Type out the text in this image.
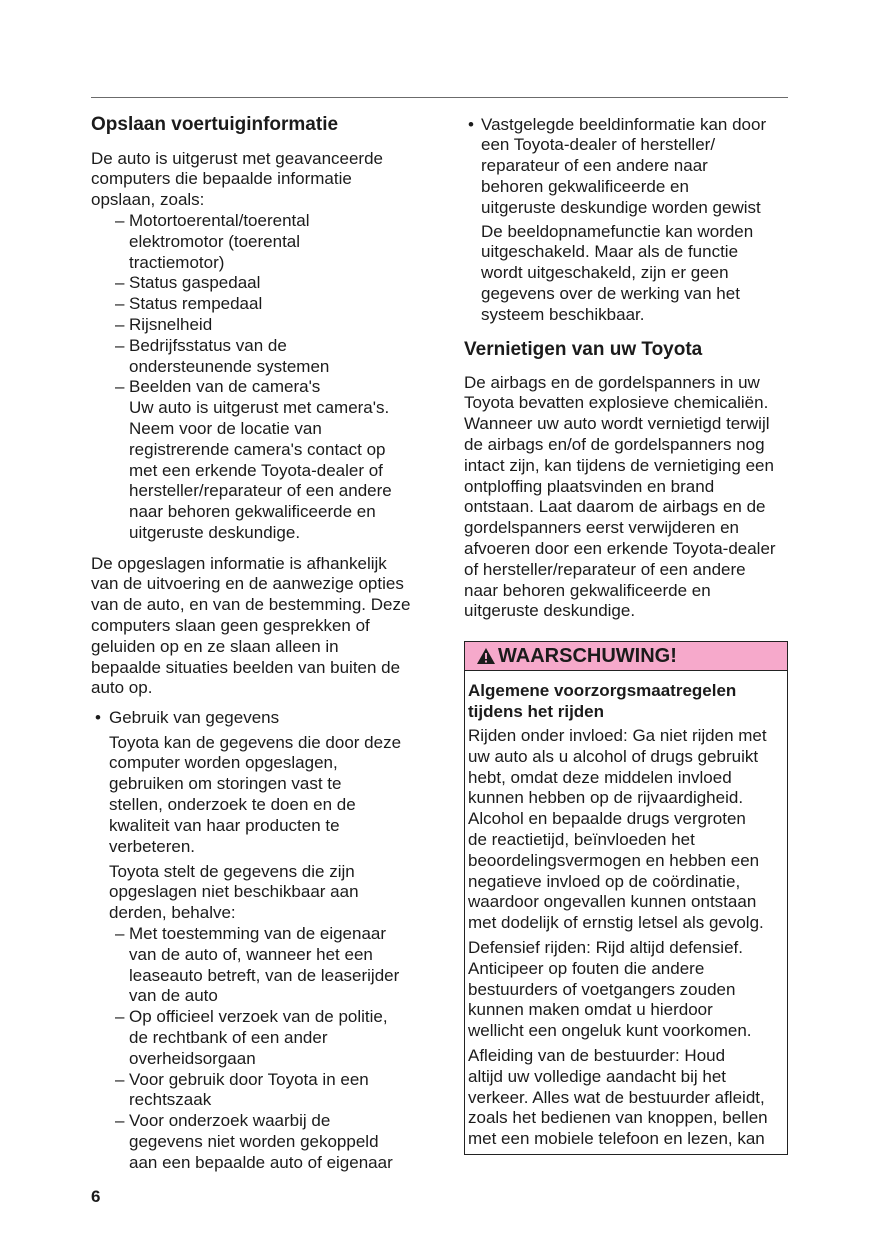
Opslaan voertuiginformatie
De auto is uitgerust met geavanceerde
computers die bepaalde informatie
opslaan, zoals:
– Motortoerental/toerental
elektromotor (toerental
tractiemotor)
– Status gaspedaal
– Status rempedaal
– Rijsnelheid
– Bedrijfsstatus van de
ondersteunende systemen
– Beelden van de camera's
Uw auto is uitgerust met camera's.
Neem voor de locatie van
registrerende camera's contact op
met een erkende Toyota-dealer of
hersteller/reparateur of een andere
naar behoren gekwalificeerde en
uitgeruste deskundige.
De opgeslagen informatie is afhankelijk
van de uitvoering en de aanwezige opties
van de auto, en van de bestemming. Deze
computers slaan geen gesprekken of
geluiden op en ze slaan alleen in
bepaalde situaties beelden van buiten de
auto op.
• Gebruik van gegevens
Toyota kan de gegevens die door deze
computer worden opgeslagen,
gebruiken om storingen vast te
stellen, onderzoek te doen en de
kwaliteit van haar producten te
verbeteren.
Toyota stelt de gegevens die zijn
opgeslagen niet beschikbaar aan
derden, behalve:
– Met toestemming van de eigenaar
van de auto of, wanneer het een
leaseauto betreft, van de leaserijder
van de auto
– Op officieel verzoek van de politie,
de rechtbank of een ander
overheidsorgaan
– Voor gebruik door Toyota in een
rechtszaak
– Voor onderzoek waarbij de
gegevens niet worden gekoppeld
aan een bepaalde auto of eigenaar
• Vastgelegde beeldinformatie kan door
een Toyota-dealer of hersteller/
reparateur of een andere naar
behoren gekwalificeerde en
uitgeruste deskundige worden gewist
De beeldopnamefunctie kan worden
uitgeschakeld. Maar als de functie
wordt uitgeschakeld, zijn er geen
gegevens over de werking van het
systeem beschikbaar.
Vernietigen van uw Toyota
De airbags en de gordelspanners in uw
Toyota bevatten explosieve chemicaliën.
Wanneer uw auto wordt vernietigd terwijl
de airbags en/of de gordelspanners nog
intact zijn, kan tijdens de vernietiging een
ontploffing plaatsvinden en brand
ontstaan. Laat daarom de airbags en de
gordelspanners eerst verwijderen en
afvoeren door een erkende Toyota-dealer
of hersteller/reparateur of een andere
naar behoren gekwalificeerde en
uitgeruste deskundige.
WAARSCHUWING!
Algemene voorzorgsmaatregelen
tijdens het rijden
Rijden onder invloed: Ga niet rijden met
uw auto als u alcohol of drugs gebruikt
hebt, omdat deze middelen invloed
kunnen hebben op de rijvaardigheid.
Alcohol en bepaalde drugs vergroten
de reactietijd, beïnvloeden het
beoordelingsvermogen en hebben een
negatieve invloed op de coördinatie,
waardoor ongevallen kunnen ontstaan
met dodelijk of ernstig letsel als gevolg.
Defensief rijden: Rijd altijd defensief.
Anticipeer op fouten die andere
bestuurders of voetgangers zouden
kunnen maken omdat u hierdoor
wellicht een ongeluk kunt voorkomen.
Afleiding van de bestuurder: Houd
altijd uw volledige aandacht bij het
verkeer. Alles wat de bestuurder afleidt,
zoals het bedienen van knoppen, bellen
met een mobiele telefoon en lezen, kan
6
